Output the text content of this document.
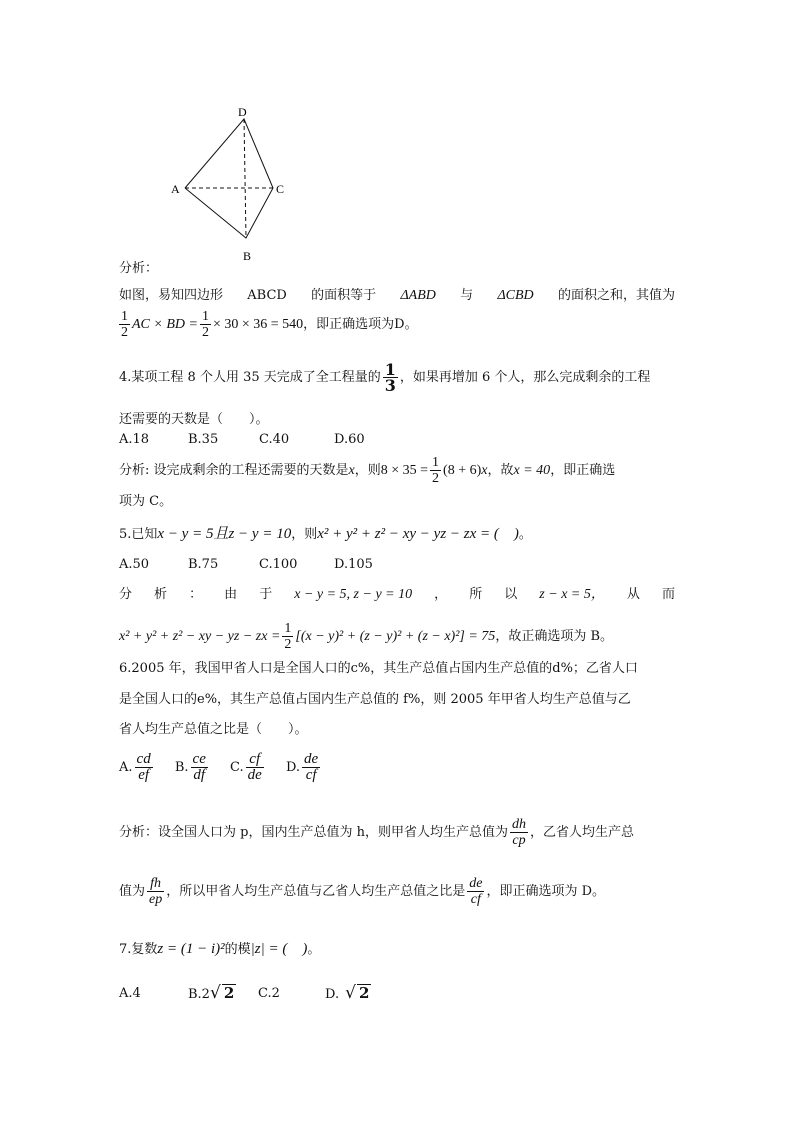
D
A	C
B
分析：
如图，易知四边形 ABCD 的面积等于 ΔABD 与 ΔCBD 的面积之和，其值为
$\frac{1}{2}$ AC × BD = $\frac{1}{2} \times 30 \times 36 = 540$，即正确选项为D。
4.某项工程 8 个人用 35 天完成了全工程量的 $\frac{1}{3}$ ，如果再增加 6 个人，那么完成剩余的工程
还需要的天数是（　　）。
A.18	B.35	C.40	D.60
分析: 设完成剩余的工程还需要的天数是x，则$8 \times 35 = \frac{1}{2} (8 + 6)x$，故x = 40，即正确选
项为 C。
5.已知x − y = 5且z − y = 10，则x² + y² + z² − xy − yz − zx = (　)。
A.50	B.75	C.100	D.105
分 析 ： 由 于 x − y = 5, z − y = 10 ， 所 以 z − x = 5， 从 而
x² + y² + z² − xy − yz − zx = $\frac{1}{2} [(x - y)^2 + (z - y)^2 + (z - x)^2] = 75$，故正确选项为 B。
6.2005 年，我国甲省人口是全国人口的c%，其生产总值占国内生产总值的d%；乙省人口
是全国人口的e%，其生产总值占国内生产总值的 f%，则 2005 年甲省人均生产总值与乙
省人均生产总值之比是（　　）。
A. $\frac{cd}{ef} B$. $\frac{ce}{df} C$. $\frac{cf}{de} D$. $\frac{de}{cf}$
分析：设全国人口为 p，国内生产总值为 h，则甲省人均生产总值为 $\frac{dh}{cp}$ ，乙省人均生产总
值为 $\frac{fh}{ep}$ ，所以甲省人均生产总值与乙省人均生产总值之比是 $\frac{de}{cf}$ ，即正确选项为 D。
7.复数z = (1 − i)²的模|z| = (　)。
A.4	B.2√ 2 C.2	D. √ 2
